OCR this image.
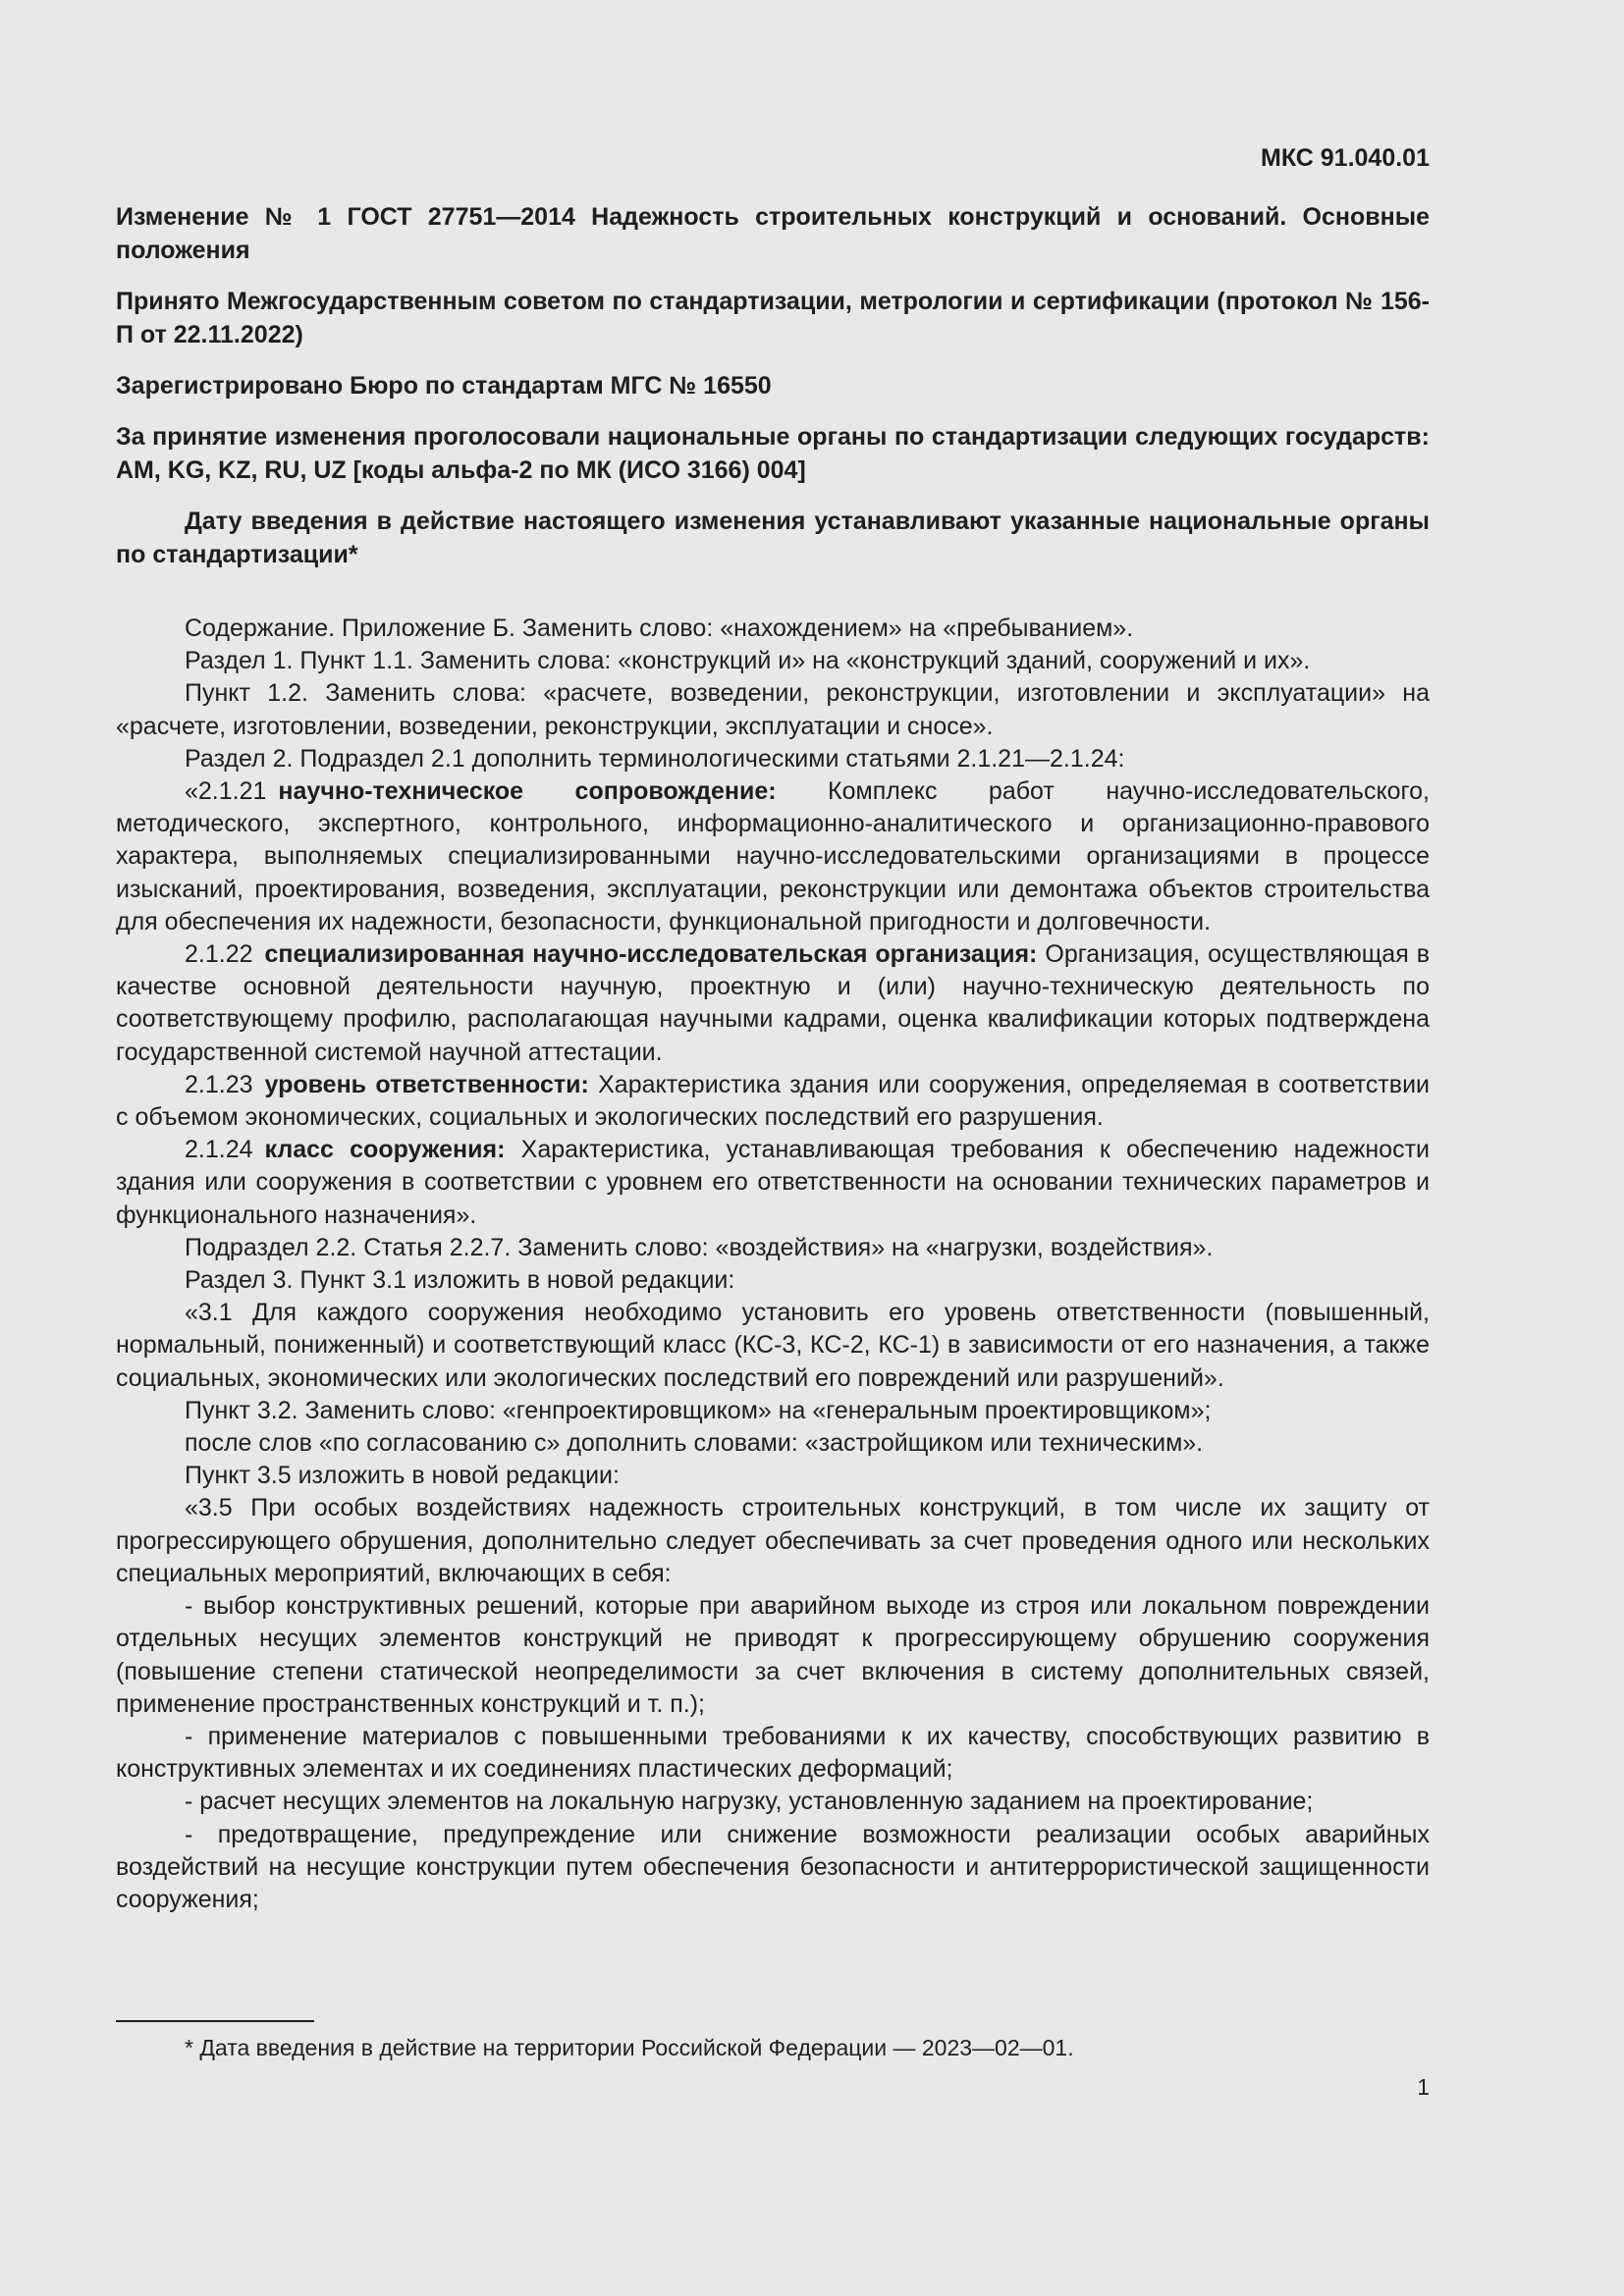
МКС 91.040.01
Изменение № 1 ГОСТ 27751—2014 Надежность строительных конструкций и оснований. Основные положения
Принято Межгосударственным советом по стандартизации, метрологии и сертификации (протокол № 156-П от 22.11.2022)
Зарегистрировано Бюро по стандартам МГС № 16550
За принятие изменения проголосовали национальные органы по стандартизации следующих государств: AM, KG, KZ, RU, UZ [коды альфа-2 по МК (ИСО 3166) 004]
Дату введения в действие настоящего изменения устанавливают указанные национальные органы по стандартизации*

Содержание. Приложение Б. Заменить слово: «нахождением» на «пребыванием».

Раздел 1. Пункт 1.1. Заменить слова: «конструкций и» на «конструкций зданий, сооружений и их».

Пункт 1.2. Заменить слова: «расчете, возведении, реконструкции, изготовлении и эксплуатации» на «расчете, изготовлении, возведении, реконструкции, эксплуатации и сносе».

Раздел 2. Подраздел 2.1 дополнить терминологическими статьями 2.1.21—2.1.24:

«2.1.21 научно-техническое сопровождение: Комплекс работ научно-исследовательского, методического, экспертного, контрольного, информационно-аналитического и организационно-правового характера, выполняемых специализированными научно-исследовательскими организациями в процессе изысканий, проектирования, возведения, эксплуатации, реконструкции или демонтажа объектов строительства для обеспечения их надежности, безопасности, функциональной пригодности и долговечности.

2.1.22 специализированная научно-исследовательская организация: Организация, осуществляющая в качестве основной деятельности научную, проектную и (или) научно-техническую деятельность по соответствующему профилю, располагающая научными кадрами, оценка квалификации которых подтверждена государственной системой научной аттестации.

2.1.23 уровень ответственности: Характеристика здания или сооружения, определяемая в соответствии с объемом экономических, социальных и экологических последствий его разрушения.

2.1.24 класс сооружения: Характеристика, устанавливающая требования к обеспечению надежности здания или сооружения в соответствии с уровнем его ответственности на основании технических параметров и функционального назначения».

Подраздел 2.2. Статья 2.2.7. Заменить слово: «воздействия» на «нагрузки, воздействия».

Раздел 3. Пункт 3.1 изложить в новой редакции:

«3.1 Для каждого сооружения необходимо установить его уровень ответственности (повышенный, нормальный, пониженный) и соответствующий класс (КС-3, КС-2, КС-1) в зависимости от его назначения, а также социальных, экономических или экологических последствий его повреждений или разрушений».

Пункт 3.2. Заменить слово: «генпроектировщиком» на «генеральным проектировщиком»;

после слов «по согласованию с» дополнить словами: «застройщиком или техническим».

Пункт 3.5 изложить в новой редакции:

«3.5 При особых воздействиях надежность строительных конструкций, в том числе их защиту от прогрессирующего обрушения, дополнительно следует обеспечивать за счет проведения одного или нескольких специальных мероприятий, включающих в себя:

- выбор конструктивных решений, которые при аварийном выходе из строя или локальном повреждении отдельных несущих элементов конструкций не приводят к прогрессирующему обрушению сооружения (повышение степени статической неопределимости за счет включения в систему дополнительных связей, применение пространственных конструкций и т. п.);

- применение материалов с повышенными требованиями к их качеству, способствующих развитию в конструктивных элементах и их соединениях пластических деформаций;

- расчет несущих элементов на локальную нагрузку, установленную заданием на проектирование;

- предотвращение, предупреждение или снижение возможности реализации особых аварийных воздействий на несущие конструкции путем обеспечения безопасности и антитеррористической защищенности сооружения;

* Дата введения в действие на территории Российской Федерации — 2023—02—01.
1
